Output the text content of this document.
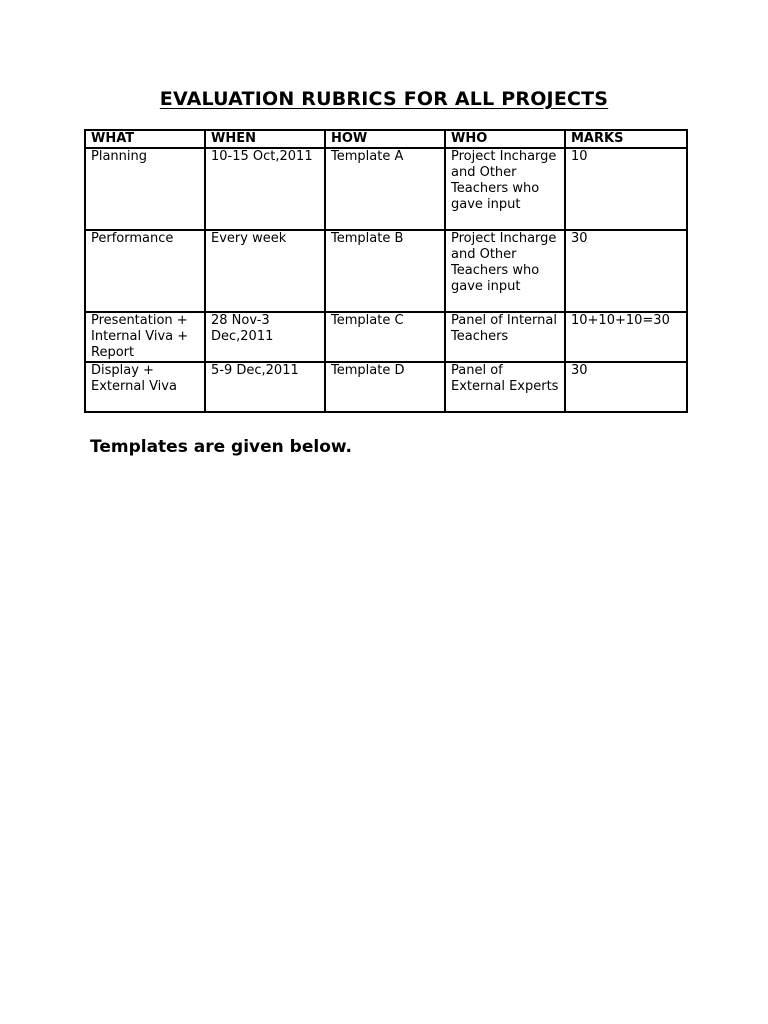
EVALUATION RUBRICS FOR ALL PROJECTS
WHAT	WHEN	HOW	WHO	MARKS
Planning	10-15 Oct,2011	Template A	Project Incharge and Other Teachers who gave input	10
Performance	Every week	Template B	Project Incharge and Other Teachers who gave input	30
Presentation + Internal Viva + Report	28 Nov-3 Dec,2011	Template C	Panel of Internal Teachers	10+10+10=30
Display + External Viva	5-9 Dec,2011	Template D	Panel of External Experts	30
Templates are given below.
